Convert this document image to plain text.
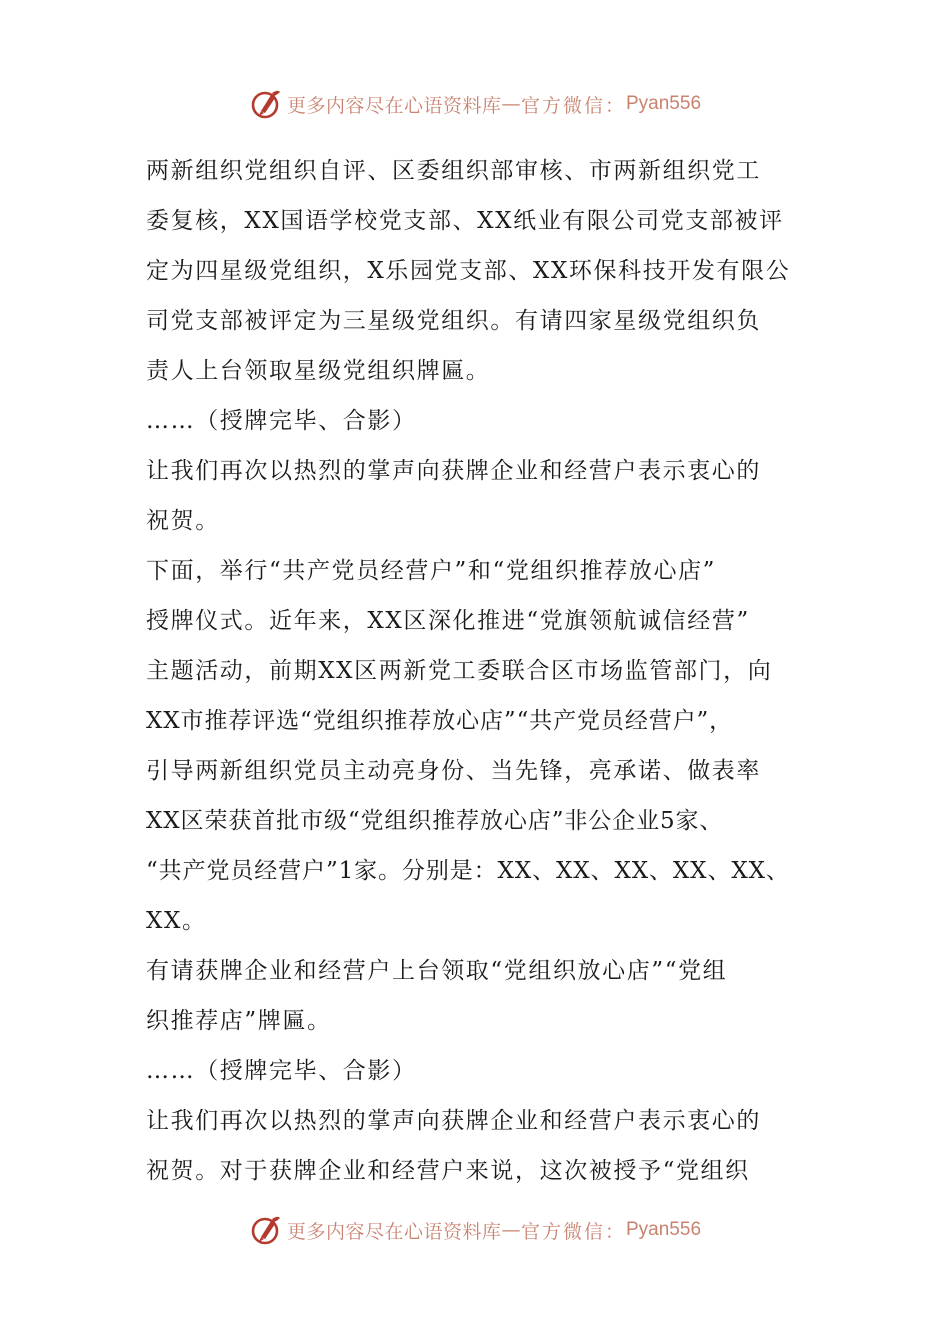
更多内容尽在心语资料库 — 官方微信： Pyan556
两新组织党组织自评、区委组织部审核、市两新组织党工
委复核，XX国语学校党支部、XX纸业有限公司党支部被评
定为四星级党组织，X乐园党支部、XX环保科技开发有限公
司党支部被评定为三星级党组织。有请四家星级党组织负
责人上台领取星级党组织牌匾。
……（授牌完毕、合影）
让我们再次以热烈的掌声向获牌企业和经营户表示衷心的
祝贺。
下面，举行“共产党员经营户”和“党组织推荐放心店”
授牌仪式。近年来，XX区深化推进“党旗领航诚信经营”
主题活动，前期XX区两新党工委联合区市场监管部门，向
XX市推荐评选“党组织推荐放心店”“共产党员经营户”，
引导两新组织党员主动亮身份、当先锋，亮承诺、做表率
XX区荣获首批市级“党组织推荐放心店”非公企业5家、
“共产党员经营户”1家。分别是：XX、XX、XX、XX、XX、
XX。
有请获牌企业和经营户上台领取“党组织放心店”“党组
织推荐店”牌匾。
……（授牌完毕、合影）
让我们再次以热烈的掌声向获牌企业和经营户表示衷心的
祝贺。对于获牌企业和经营户来说，这次被授予“党组织
更多内容尽在心语资料库 — 官方微信： Pyan556
